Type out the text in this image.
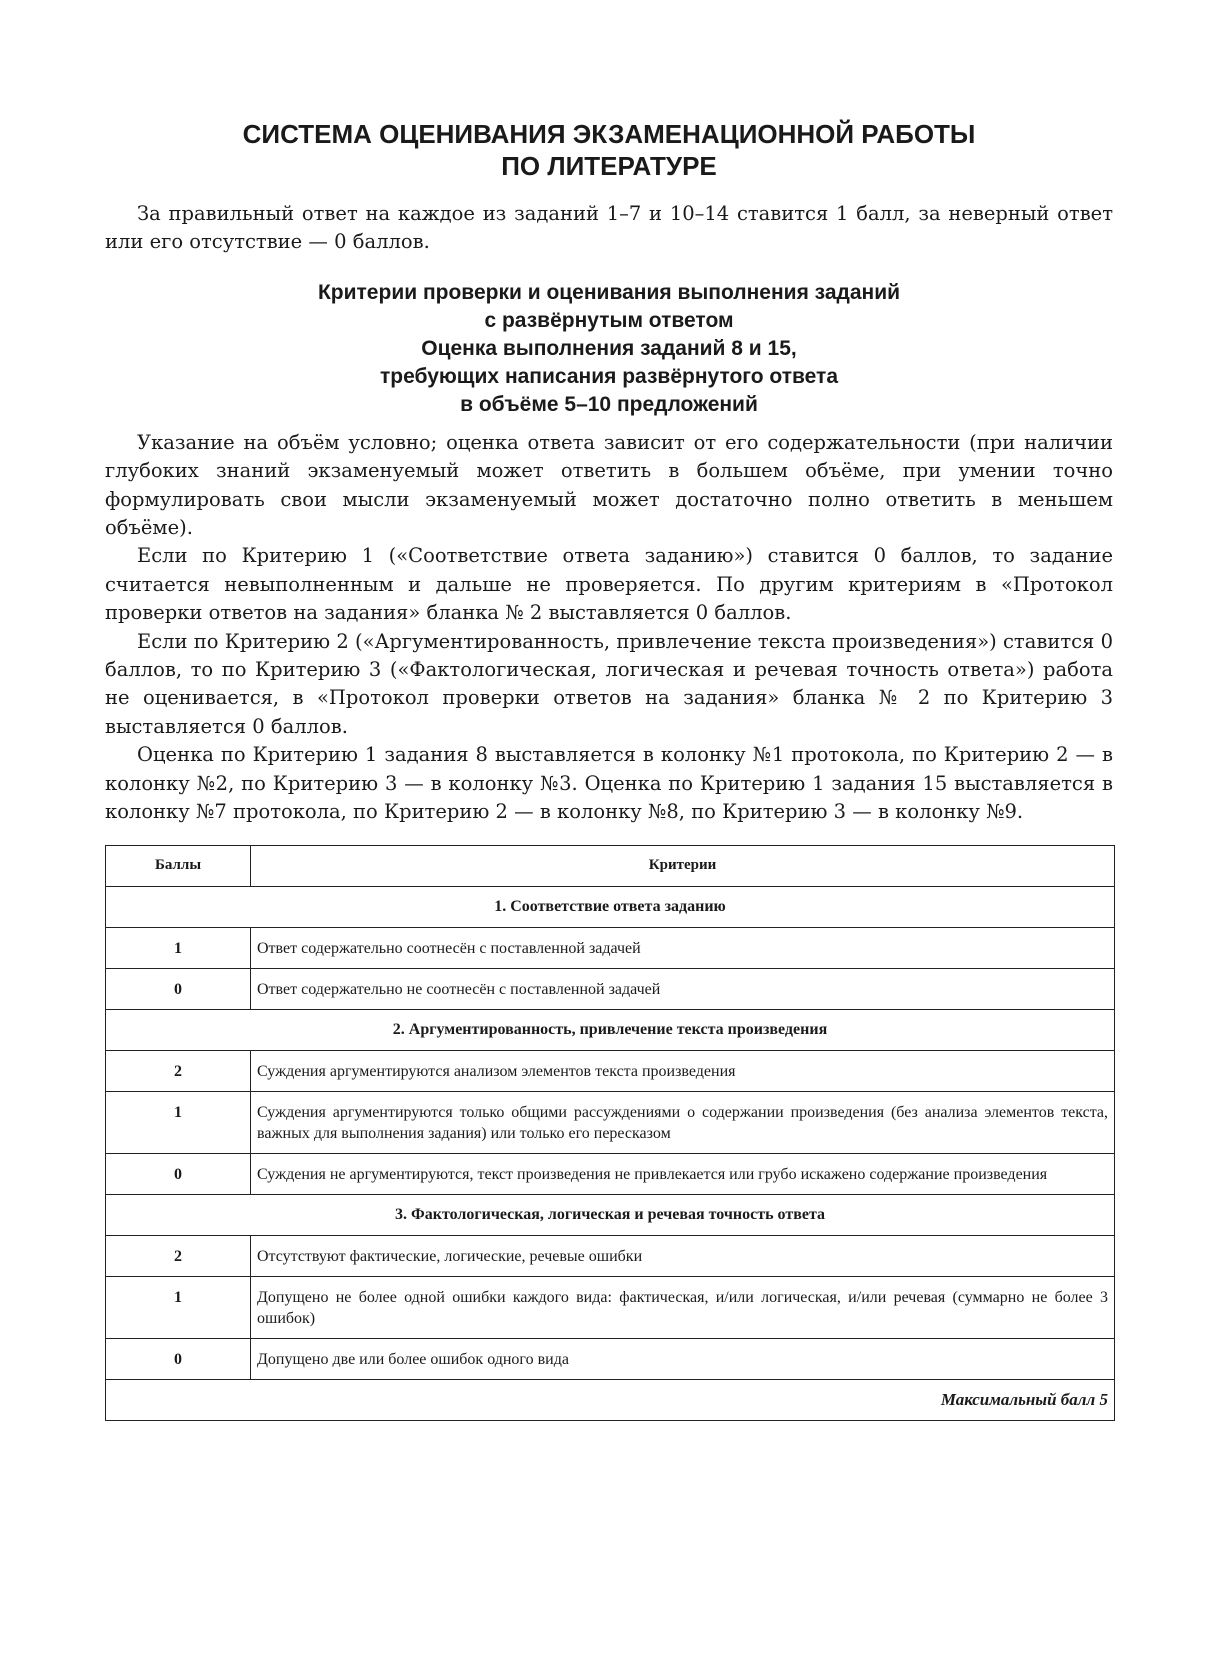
СИСТЕМА ОЦЕНИВАНИЯ ЭКЗАМЕНАЦИОННОЙ РАБОТЫ
ПО ЛИТЕРАТУРЕ

За правильный ответ на каждое из заданий 1–7 и 10–14 ставится 1 балл, за неверный ответ или его отсутствие — 0 баллов.

Критерии проверки и оценивания выполнения заданий
с развёрнутым ответом
Оценка выполнения заданий 8 и 15,
требующих написания развёрнутого ответа
в объёме 5–10 предложений

Указание на объём условно; оценка ответа зависит от его содержательности (при наличии глубоких знаний экзаменуемый может ответить в большем объёме, при умении точно формулировать свои мысли экзаменуемый может достаточно полно ответить в меньшем объёме).

Если по Критерию 1 («Соответствие ответа заданию») ставится 0 баллов, то задание считается невыполненным и дальше не проверяется. По другим критериям в «Протокол проверки ответов на задания» бланка № 2 выставляется 0 баллов.

Если по Критерию 2 («Аргументированность, привлечение текста произведения») ставится 0 баллов, то по Критерию 3 («Фактологическая, логическая и речевая точность ответа») работа не оценивается, в «Протокол проверки ответов на задания» бланка № 2 по Критерию 3 выставляется 0 баллов.

Оценка по Критерию 1 задания 8 выставляется в колонку №1 протокола, по Критерию 2 — в колонку №2, по Критерию 3 — в колонку №3. Оценка по Критерию 1 задания 15 выставляется в колонку №7 протокола, по Критерию 2 — в колонку №8, по Критерию 3 — в колонку №9.

Баллы	Критерии
1. Соответствие ответа заданию	
1	Ответ содержательно соотнесён с поставленной задачей
0	Ответ содержательно не соотнесён с поставленной задачей
2. Аргументированность, привлечение текста произведения	
2	Суждения аргументируются анализом элементов текста произведения
1	Суждения аргументируются только общими рассуждениями о содержании произведения (без анализа элементов текста, важных для выполнения задания) или только его пересказом
0	Суждения не аргументируются, текст произведения не привлекается или грубо искажено содержание произведения
3. Фактологическая, логическая и речевая точность ответа	
2	Отсутствуют фактические, логические, речевые ошибки
1	Допущено не более одной ошибки каждого вида: фактическая, и/или логическая, и/или речевая (суммарно не более 3 ошибок)
0	Допущено две или более ошибок одного вида
Максимальный балл 5	
